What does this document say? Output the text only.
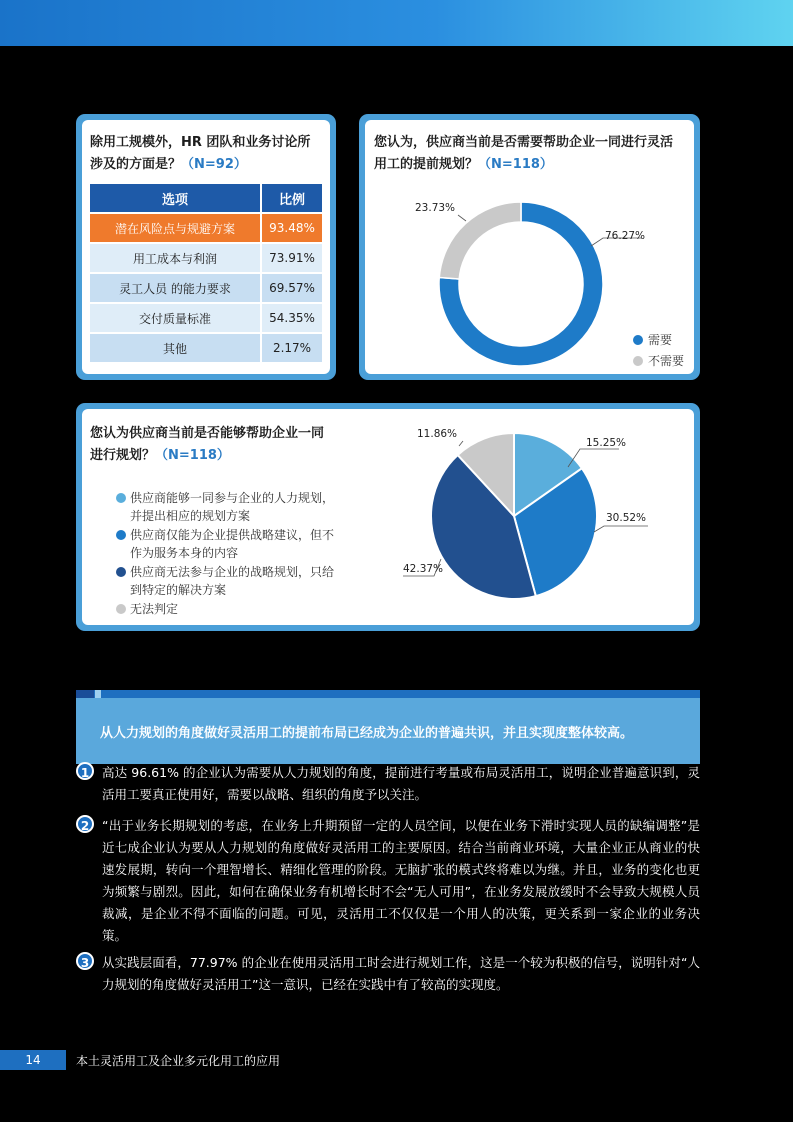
除用工规模外，HR 团队和业务讨论所
涉及的方面是？（N=92）
选项	比例
潜在风险点与规避方案	93.48%
用工成本与利润	73.91%
灵工人员 的能力要求	69.57%
交付质量标准	54.35%
其他	2.17%
您认为，供应商当前是否需要帮助企业一同进行灵活
用工的提前规划？（N=118）
76.27%
23.73%
需要
不需要
您认为供应商当前是否能够帮助企业一同
进行规划？（N=118）
供应商能够一同参与企业的人力规划，
并提出相应的规划方案
供应商仅能为企业提供战略建议，但不
作为服务本身的内容
供应商无法参与企业的战略规划，只给
到特定的解决方案
无法判定
15.25%
30.52%
42.37%
11.86%
从人力规划的角度做好灵活用工的提前布局已经成为企业的普遍共识，并且实现度整体较高。
1	高达 96.61% 的企业认为需要从人力规划的角度，提前进行考量或布局灵活用工，说明企业普遍意识到，灵活用工要真正使用好，需要以战略、组织的角度予以关注。
2	“出于业务长期规划的考虑，在业务上升期预留一定的人员空间，以便在业务下滑时实现人员的缺编调整”是近七成企业认为要从人力规划的角度做好灵活用工的主要原因。结合当前商业环境，大量企业正从商业的快速发展期，转向一个理智增长、精细化管理的阶段。无脑扩张的模式终将难以为继。并且，业务的变化也更为频繁与剧烈。因此，如何在确保业务有机增长时不会“无人可用”，在业务发展放缓时不会导致大规模人员裁减，是企业不得不面临的问题。可见，灵活用工不仅仅是一个用人的决策，更关系到一家企业的业务决策。
3	从实践层面看，77.97% 的企业在使用灵活用工时会进行规划工作，这是一个较为积极的信号，说明针对“人力规划的角度做好灵活用工”这一意识，已经在实践中有了较高的实现度。
14	本土灵活用工及企业多元化用工的应用
